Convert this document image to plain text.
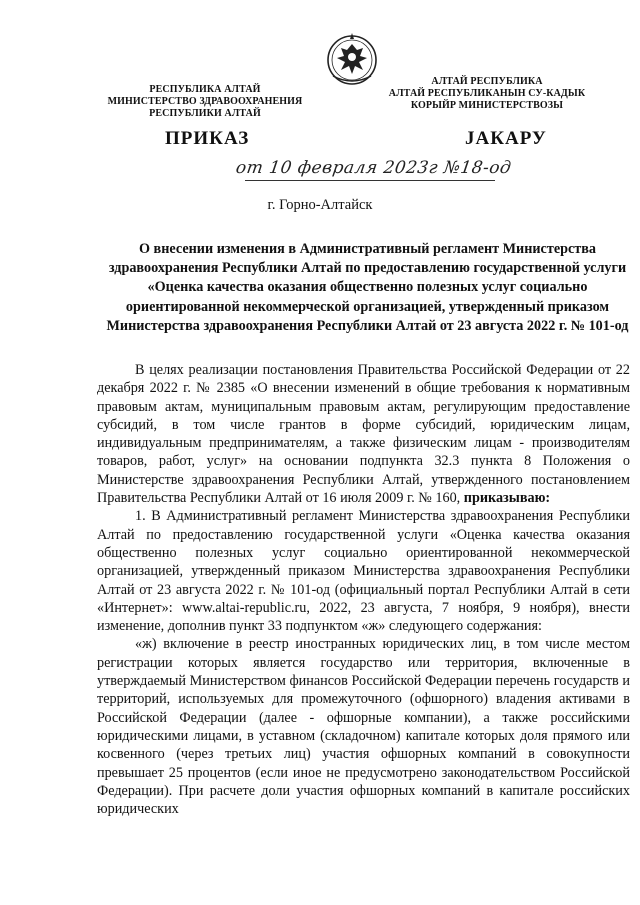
РЕСПУБЛИКА АЛТАЙ
МИНИСТЕРСТВО ЗДРАВООХРАНЕНИЯ
РЕСПУБЛИКИ АЛТАЙ
АЛТАЙ РЕСПУБЛИКА
АЛТАЙ РЕСПУБЛИКАНЫН СУ-КАДЫК
КОРЫЙР МИНИСТЕРСТВОЗЫ
ПРИКАЗ	JАКАРУ
от 10 февраля 2023г №18-од
г. Горно-Алтайск
О внесении изменения в Административный регламент Министерства здравоохранения Республики Алтай по предоставлению государственной услуги «Оценка качества оказания общественно полезных услуг социально ориентированной некоммерческой организацией, утвержденный приказом Министерства здравоохранения Республики Алтай от 23 августа 2022 г. № 101-од

В целях реализации постановления Правительства Российской Федерации от 22 декабря 2022 г. № 2385 «О внесении изменений в общие требования к нормативным правовым актам, муниципальным правовым актам, регулирующим предоставление субсидий, в том числе грантов в форме субсидий, юридическим лицам, индивидуальным предпринимателям, а также физическим лицам - производителям товаров, работ, услуг» на основании подпункта 32.3 пункта 8 Положения о Министерстве здравоохранения Республики Алтай, утвержденного постановлением Правительства Республики Алтай от 16 июля 2009 г. № 160, приказываю:

1. В Административный регламент Министерства здравоохранения Республики Алтай по предоставлению государственной услуги «Оценка качества оказания общественно полезных услуг социально ориентированной некоммерческой организацией, утвержденный приказом Министерства здравоохранения Республики Алтай от 23 августа 2022 г. № 101-од (официальный портал Республики Алтай в сети «Интернет»: www.altai-republic.ru, 2022, 23 августа, 7 ноября, 9 ноября), внести изменение, дополнив пункт 33 подпунктом «ж» следующего содержания:

«ж) включение в реестр иностранных юридических лиц, в том числе местом регистрации которых является государство или территория, включенные в утверждаемый Министерством финансов Российской Федерации перечень государств и территорий, используемых для промежуточного (офшорного) владения активами в Российской Федерации (далее - офшорные компании), а также российскими юридическими лицами, в уставном (складочном) капитале которых доля прямого или косвенного (через третьих лиц) участия офшорных компаний в совокупности превышает 25 процентов (если иное не предусмотрено законодательством Российской Федерации). При расчете доли участия офшорных компаний в капитале российских юридических
